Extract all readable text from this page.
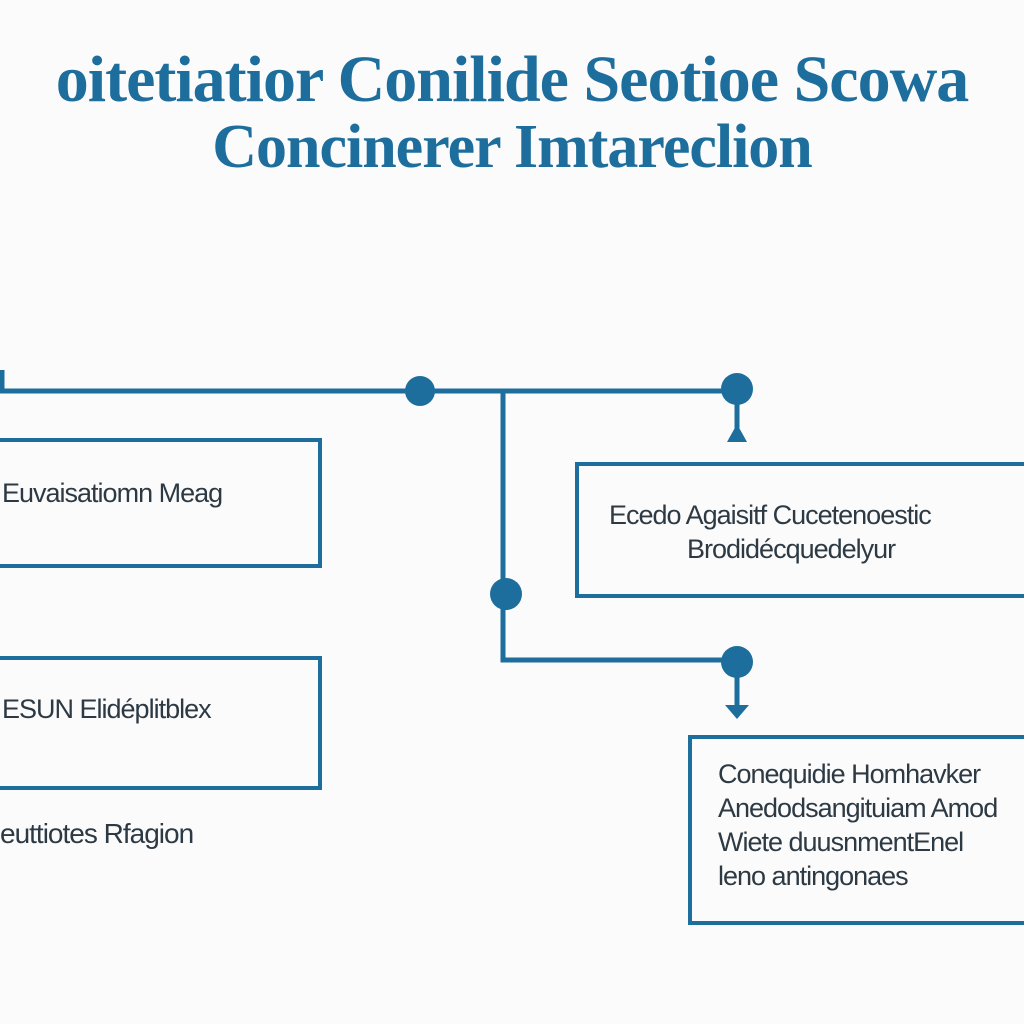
oitetiatior Conilide Seotioe Scowa
Concinerer Imtareclion
Euvaisatiomn Meag
ESUN Elidéplitblex
Ecedo Agaisitf Cucetenoestic
Brodidécquedelyur
Conequidie Homhavker
Anedodsangituiam Amod
Wiete duusnmentEnel
leno antingonaes
euttiotes Rfagion
